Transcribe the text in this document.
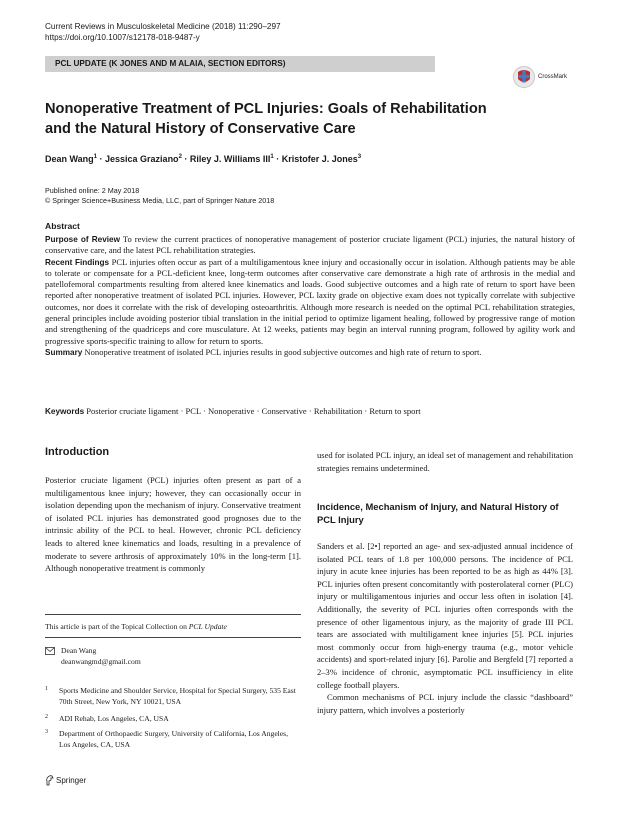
Current Reviews in Musculoskeletal Medicine (2018) 11:290–297
https://doi.org/10.1007/s12178-018-9487-y
PCL UPDATE (K JONES AND M ALAIA, SECTION EDITORS)
CrossMark
Nonoperative Treatment of PCL Injuries: Goals of Rehabilitation
and the Natural History of Conservative Care
Dean Wang$^1$ · Jessica Graziano$^2$ · Riley J. Williams $III^1$ · Kristofer J. Jones$^3$
Published online: 2 May 2018
© Springer Science+Business Media, LLC, part of Springer Nature 2018
Abstract

Purpose of Review To review the current practices of nonoperative management of posterior cruciate ligament (PCL) injuries, the natural history of conservative care, and the latest PCL rehabilitation strategies.

Recent Findings PCL injuries often occur as part of a multiligamentous knee injury and occasionally occur in isolation. Although patients may be able to tolerate or compensate for a PCL-deficient knee, long-term outcomes after conservative care demonstrate a high rate of arthrosis in the medial and patellofemoral compartments resulting from altered knee kinematics and loads. Good subjective outcomes and a high rate of return to sport have been reported after nonoperative treatment of isolated PCL injuries. However, PCL laxity grade on objective exam does not typically correlate with subjective outcomes, nor does it correlate with the risk of developing osteoarthritis. Although more research is needed on the optimal PCL rehabilitation strategies, general principles include avoiding posterior tibial translation in the initial period to optimize ligament healing, followed by progressive range of motion and strengthening of the quadriceps and core musculature. At 12 weeks, patients may begin an interval running program, followed by agility work and progressive sports-specific training to allow for return to sports.

Summary Nonoperative treatment of isolated PCL injuries results in good subjective outcomes and high rate of return to sport.

Keywords Posterior cruciate ligament · PCL · Nonoperative · Conservative · Rehabilitation · Return to sport
Introduction

Posterior cruciate ligament (PCL) injuries often present as part of a multiligamentous knee injury; however, they can occasionally occur in isolation depending upon the mechanism of injury. Conservative treatment of isolated PCL injuries has demonstrated good prognoses due to the intrinsic ability of the PCL to heal. However, chronic PCL deficiency leads to altered knee kinematics and loads, resulting in a prevalence of moderate to severe arthrosis of approximately 10% in the long-term [1]. Although nonoperative treatment is commonly

used for isolated PCL injury, an ideal set of management and rehabilitation strategies remains undetermined.

Incidence, Mechanism of Injury, and Natural History of PCL Injury

Sanders et al. [2•] reported an age- and sex-adjusted annual incidence of isolated PCL tears of 1.8 per 100,000 persons. The incidence of PCL injury in acute knee injuries has been reported to be as high as 44% [3]. PCL injuries often present concomitantly with posterolateral corner (PLC) injury or multiligamentous injuries and occur less often in isolation [4]. Additionally, the severity of PCL injuries often corresponds with the presence of other ligamentous injury, as the majority of grade III PCL tears are associated with multiligament knee injuries [5]. PCL injuries most commonly occur from high-energy trauma (e.g., motor vehicle accidents) and sport-related injury [6]. Parolie and Bergfeld [7] reported a 2–3% incidence of chronic, asymptomatic PCL insufficiency in elite college football players.

Common mechanisms of PCL injury include the classic “dashboard” injury pattern, which involves a posteriorly

This article is part of the Topical Collection on PCL Update
Dean Wang
deanwangmd@gmail.com
1 Sports Medicine and Shoulder Service, Hospital for Special Surgery, 535 East 70th Street, New York, NY 10021, USA
2 ADI Rehab, Los Angeles, CA, USA
3 Department of Orthopaedic Surgery, University of California, Los Angeles, Los Angeles, CA, USA
Springer
